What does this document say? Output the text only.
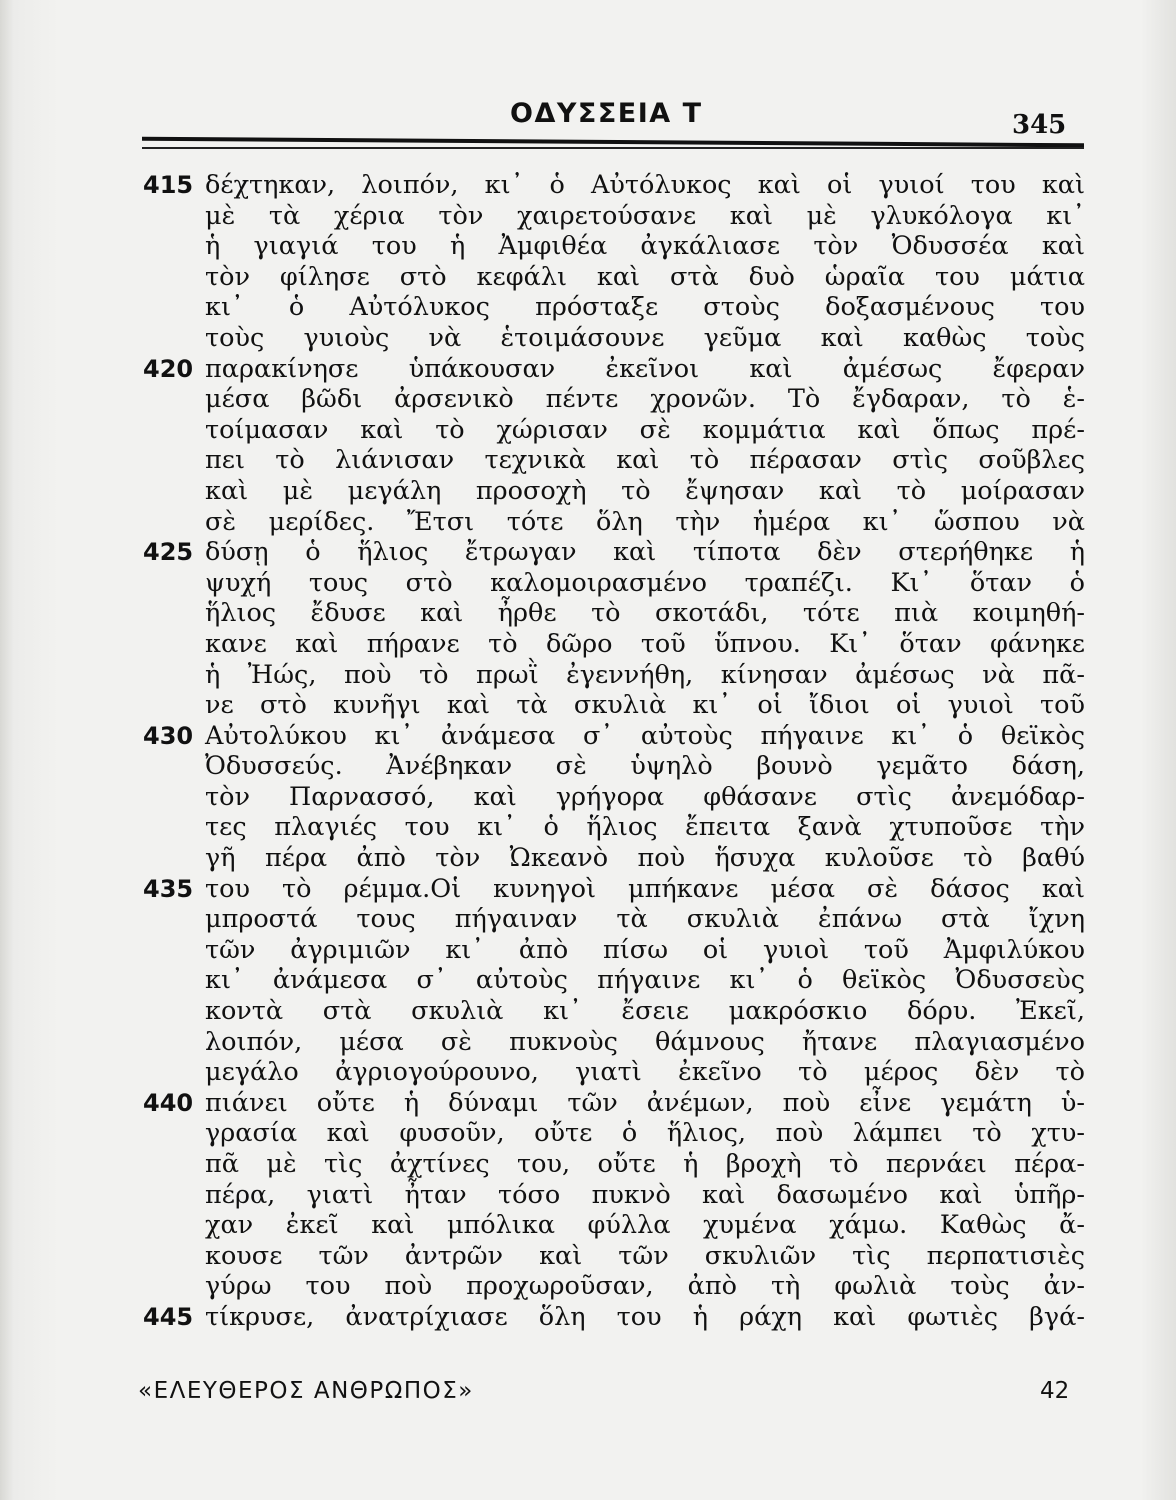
ΟΔΥΣΣΕΙΑ Τ	345
415 δέχτηκαν, λοιπόν, κι᾽ ὁ Αὐτόλυκος καὶ οἱ γυιοί του καὶ
μὲ τὰ χέρια τὸν χαιρετούσανε καὶ μὲ γλυκόλογα κι᾽
ἡ γιαγιά του ἡ Ἀμφιθέα ἀγκάλιασε τὸν Ὀδυσσέα καὶ
τὸν φίλησε στὸ κεφάλι καὶ στὰ δυὸ ὡραῖα του μάτια
κι᾽ ὁ Αὐτόλυκος πρόσταξε στοὺς δοξασμένους του
τοὺς γυιοὺς νὰ ἑτοιμάσουνε γεῦμα καὶ καθὼς τοὺς
420 παρακίνησε ὑπάκουσαν ἐκεῖνοι καὶ ἀμέσως ἔφεραν
μέσα βῶδι ἀρσενικὸ πέντε χρονῶν. Τὸ ἔγδαραν, τὸ ἑ-
τοίμασαν καὶ τὸ χώρισαν σὲ κομμάτια καὶ ὅπως πρέ-
πει τὸ λιάνισαν τεχνικὰ καὶ τὸ πέρασαν στὶς σοῦβλες
καὶ μὲ μεγάλη προσοχὴ τὸ ἔψησαν καὶ τὸ μοίρασαν
σὲ μερίδες. Ἔτσι τότε ὅλη τὴν ἡμέρα κι᾽ ὥσπου νὰ
425 δύσῃ ὁ ἥλιος ἔτρωγαν καὶ τίποτα δὲν στερήθηκε ἡ
ψυχή τους στὸ καλομοιρασμένο τραπέζι. Κι᾽ ὅταν ὁ
ἥλιος ἔδυσε καὶ ἦρθε τὸ σκοτάδι, τότε πιὰ κοιμηθή-
κανε καὶ πήρανε τὸ δῶρο τοῦ ὕπνου. Κι᾽ ὅταν φάνηκε
ἡ Ἠώς, ποὺ τὸ πρωῒ ἐγεννήθη, κίνησαν ἀμέσως νὰ πᾶ-
νε στὸ κυνῆγι καὶ τὰ σκυλιὰ κι᾽ οἱ ἴδιοι οἱ γυιοὶ τοῦ
430 Αὐτολύκου κι᾽ ἀνάμεσα σ᾽ αὐτοὺς πήγαινε κι᾽ ὁ θεϊκὸς
Ὀδυσσεύς. Ἀνέβηκαν σὲ ὑψηλὸ βουνὸ γεμᾶτο δάση,
τὸν Παρνασσό, καὶ γρήγορα φθάσανε στὶς ἀνεμόδαρ-
τες πλαγιές του κι᾽ ὁ ἥλιος ἔπειτα ξανὰ χτυποῦσε τὴν
γῆ πέρα ἀπὸ τὸν Ὠκεανὸ ποὺ ἥσυχα κυλοῦσε τὸ βαθύ
435 του τὸ ρέμμα.Οἱ κυνηγοὶ μπήκανε μέσα σὲ δάσος καὶ
μπροστά τους πήγαιναν τὰ σκυλιὰ ἐπάνω στὰ ἴχνη
τῶν ἀγριμιῶν κι᾽ ἀπὸ πίσω οἱ γυιοὶ τοῦ Ἀμφιλύκου
κι᾽ ἀνάμεσα σ᾽ αὐτοὺς πήγαινε κι᾽ ὁ θεϊκὸς Ὀδυσσεὺς
κοντὰ στὰ σκυλιὰ κι᾽ ἔσειε μακρόσκιο δόρυ. Ἐκεῖ,
λοιπόν, μέσα σὲ πυκνοὺς θάμνους ἤτανε πλαγιασμένο
μεγάλο ἀγριογούρουνο, γιατὶ ἐκεῖνο τὸ μέρος δὲν τὸ
440 πιάνει οὔτε ἡ δύναμι τῶν ἀνέμων, ποὺ εἶνε γεμάτη ὑ-
γρασία καὶ φυσοῦν, οὔτε ὁ ἥλιος, ποὺ λάμπει τὸ χτυ-
πᾶ μὲ τὶς ἀχτίνες του, οὔτε ἡ βροχὴ τὸ περνάει πέρα-
πέρα, γιατὶ ἦταν τόσο πυκνὸ καὶ δασωμένο καὶ ὑπῆρ-
χαν ἐκεῖ καὶ μπόλικα φύλλα χυμένα χάμω. Καθὼς ἄ-
κουσε τῶν ἀντρῶν καὶ τῶν σκυλιῶν τὶς περπατισιὲς
γύρω του ποὺ προχωροῦσαν, ἀπὸ τὴ φωλιὰ τοὺς ἀν-
445 τίκρυσε, ἀνατρίχιασε ὅλη του ἡ ράχη καὶ φωτιὲς βγά-
«ΕΛΕΥΘΕΡΟΣ ΑΝΘΡΩΠΟΣ»	42
